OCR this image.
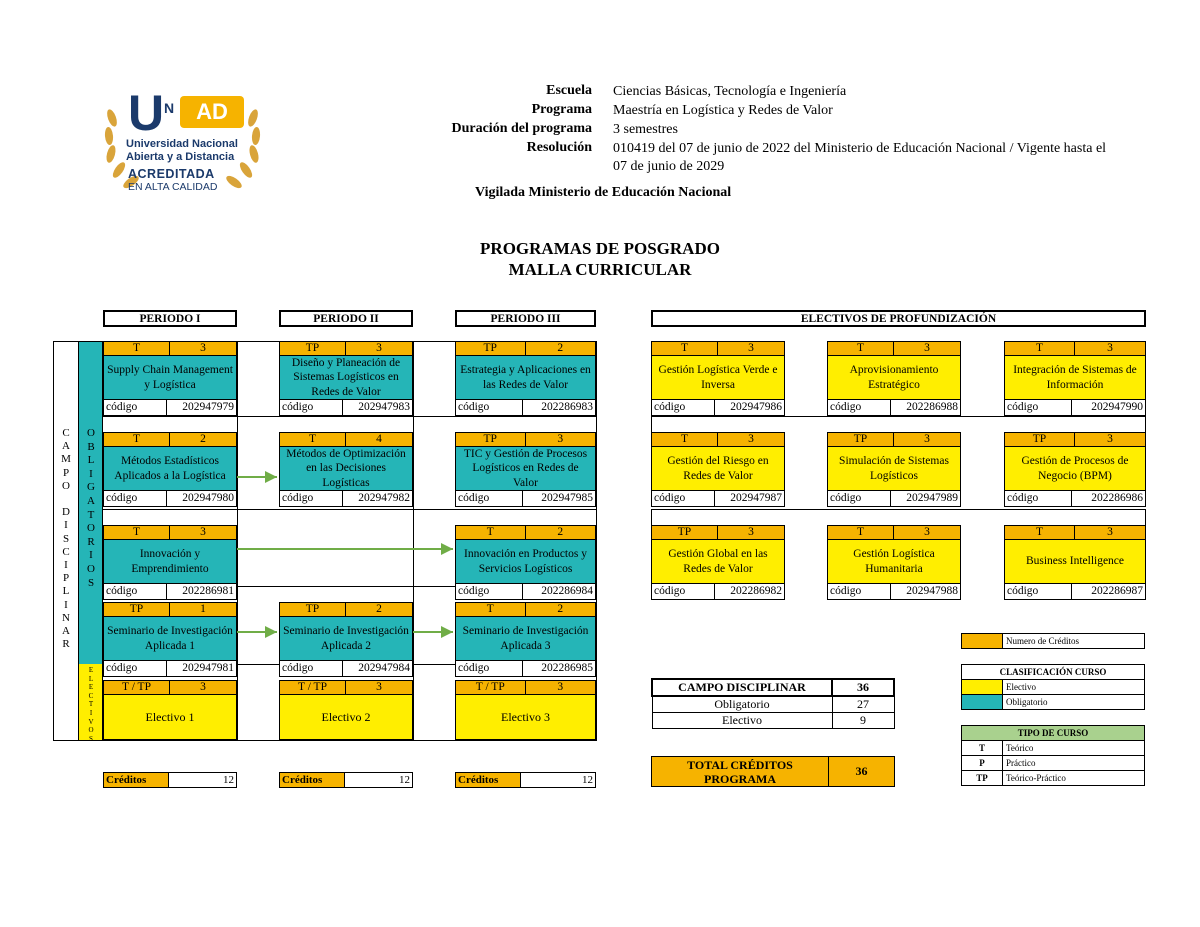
U N AD
Universidad Nacional
Abierta y a Distancia
ACREDITADA
EN ALTA CALIDAD
Escuela Ciencias Básicas, Tecnología e Ingeniería
Programa Maestría en Logística y Redes de Valor
Duración del programa 3 semestres
Resolución 010419 del 07 de junio de 2022 del Ministerio de Educación Nacional / Vigente hasta el
07 de junio de 2029
Vigilada Ministerio de Educación Nacional
PROGRAMAS DE POSGRADO
MALLA CURRICULAR
PERIODO I	PERIODO II	PERIODO III	ELECTIVOS DE PROFUNDIZACIÓN
C
A
M
P
O
D
I
S
C
I
P
L
I
N
A
R
O
B
L
I
G
A
T
O
R
I
O
S
E
L
E
C
T
I
V
O
S
T	3
Supply Chain Management y Logística
código	202947979
TP	3
Diseño y Planeación de Sistemas Logísticos en Redes de Valor
código	202947983
TP	2
Estrategia y Aplicaciones en las Redes de Valor
código	202286983
T	2
Métodos Estadísticos Aplicados a la Logística
código	202947980
T	4
Métodos de Optimización en las Decisiones Logísticas
código	202947982
TP	3
TIC y Gestión de Procesos Logísticos en Redes de Valor
código	202947985
T	3
Innovación y Emprendimiento
código	202286981
T	2
Innovación en Productos y Servicios Logísticos
código	202286984
TP	1
Seminario de Investigación Aplicada 1
código	202947981
TP	2
Seminario de Investigación Aplicada 2
código	202947984
T	2
Seminario de Investigación Aplicada 3
código	202286985
T	3
Gestión Logística Verde e Inversa
código	202947986
T	3
Aprovisionamiento Estratégico
código	202286988
T	3
Integración de Sistemas de Información
código	202947990
T	3
Gestión del Riesgo en Redes de Valor
código	202947987
TP	3
Simulación de Sistemas Logísticos
código	202947989
TP	3
Gestión de Procesos de Negocio (BPM)
código	202286986
TP	3
Gestión Global en las Redes de Valor
código	202286982
T	3
Gestión Logística Humanitaria
código	202947988
T	3
Business Intelligence
código	202286987
T / TP	3
Electivo 1
T / TP	3
Electivo 2
T / TP	3
Electivo 3
Créditos	12	Créditos	12	Créditos	12
CAMPO DISCIPLINAR	36
Obligatorio	27
Electivo	9
TOTAL CRÉDITOS PROGRAMA
36
Numero de Créditos
CLASIFICACIÓN CURSO	
	Electivo
	Obligatorio
TIPO DE CURSO	
T	Teórico
P	Práctico
TP	Teórico-Práctico
